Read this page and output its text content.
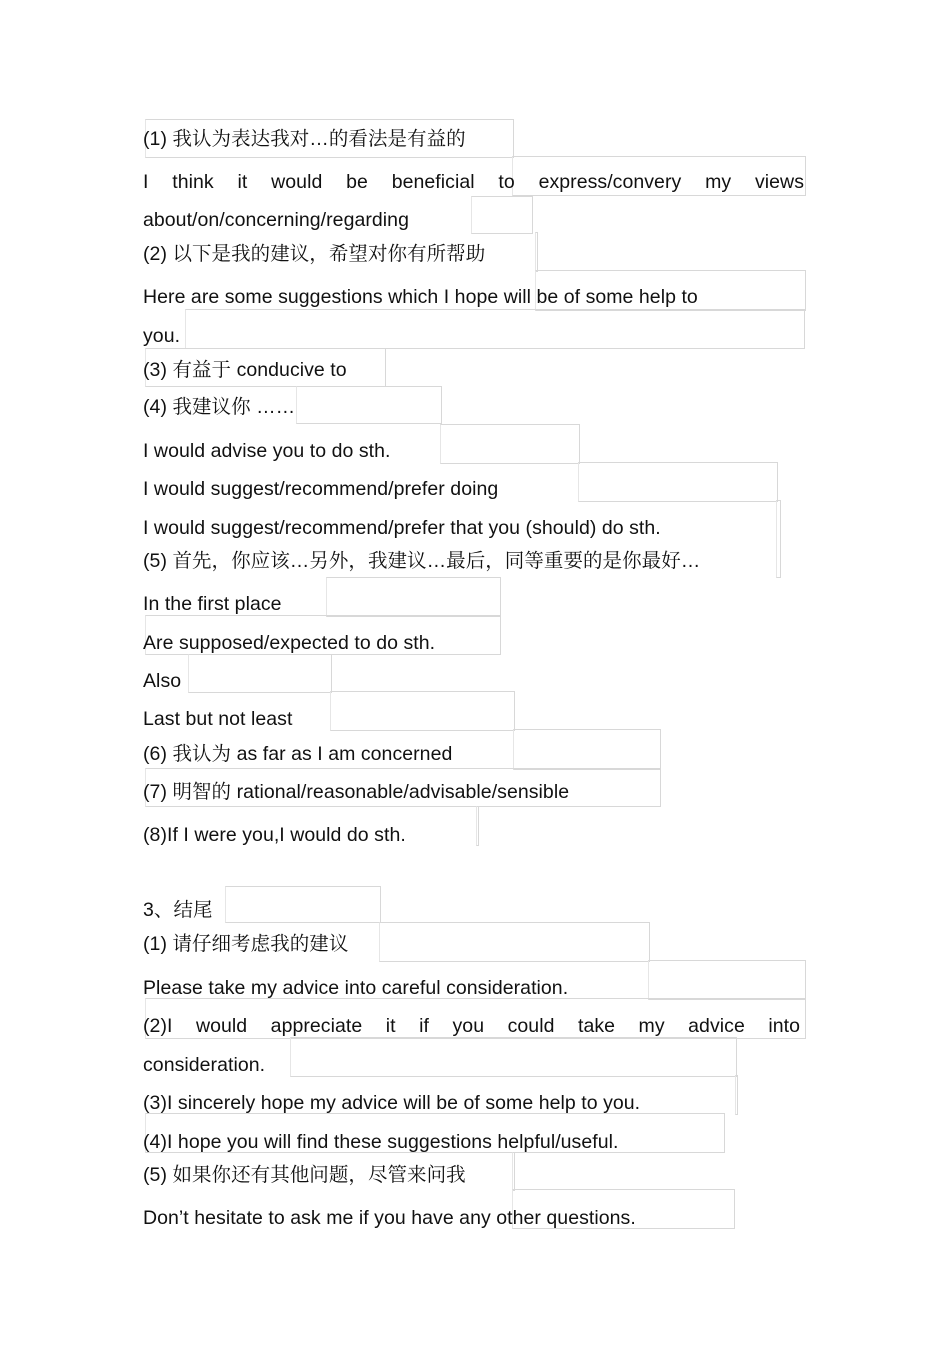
(1) 我认为表达我对…的看法是有益的
I think it would be beneficial to express/convery my views
about/on/concerning/regarding
(2) 以下是我的建议，希望对你有所帮助
Here are some suggestions which I hope will be of some help to
you.
(3) 有益于 conducive to
(4) 我建议你 ……
I would advise you to do sth.
I would suggest/recommend/prefer doing
I would suggest/recommend/prefer that you (should) do sth.
(5) 首先，你应该…另外，我建议…最后，同等重要的是你最好…
In the first place
Are supposed/expected to do sth.
Also
Last but not least
(6) 我认为 as far as I am concerned
(7) 明智的 rational/reasonable/advisable/sensible
(8)If I were you,I would do sth.
3、结尾
(1) 请仔细考虑我的建议
Please take my advice into careful consideration.
(2)I would appreciate it if you could take my advice into
consideration.
(3)I sincerely hope my advice will be of some help to you.
(4)I hope you will find these suggestions helpful/useful.
(5) 如果你还有其他问题，尽管来问我
Don’t hesitate to ask me if you have any other questions.
